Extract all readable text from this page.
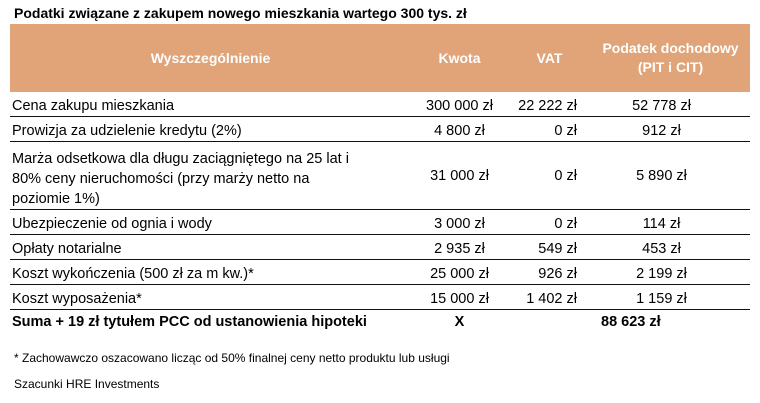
Podatki związane z zakupem nowego mieszkania wartego 300 tys. zł
Wyszczególnienie	Kwota	VAT	Podatek dochodowy
(PIT i CIT)
Cena zakupu mieszkania	300 000 zł	22 222 zł	52 778 zł
Prowizja za udzielenie kredytu (2%)	4 800 zł	0 zł	912 zł
Marża odsetkowa dla długu zaciągniętego na 25 lat i
80% ceny nieruchomości (przy marży netto na
poziomie 1%)	31 000 zł	0 zł	5 890 zł
Ubezpieczenie od ognia i wody	3 000 zł	0 zł	114 zł
Opłaty notarialne	2 935 zł	549 zł	453 zł
Koszt wykończenia (500 zł za m kw.)*	25 000 zł	926 zł	2 199 zł
Koszt wyposażenia*	15 000 zł	1 402 zł	1 159 zł
Suma + 19 zł tytułem PCC od ustanowienia hipoteki	X		88 623 zł
* Zachowawczo oszacowano licząc od 50% finalnej ceny netto produktu lub usługi
Szacunki HRE Investments
